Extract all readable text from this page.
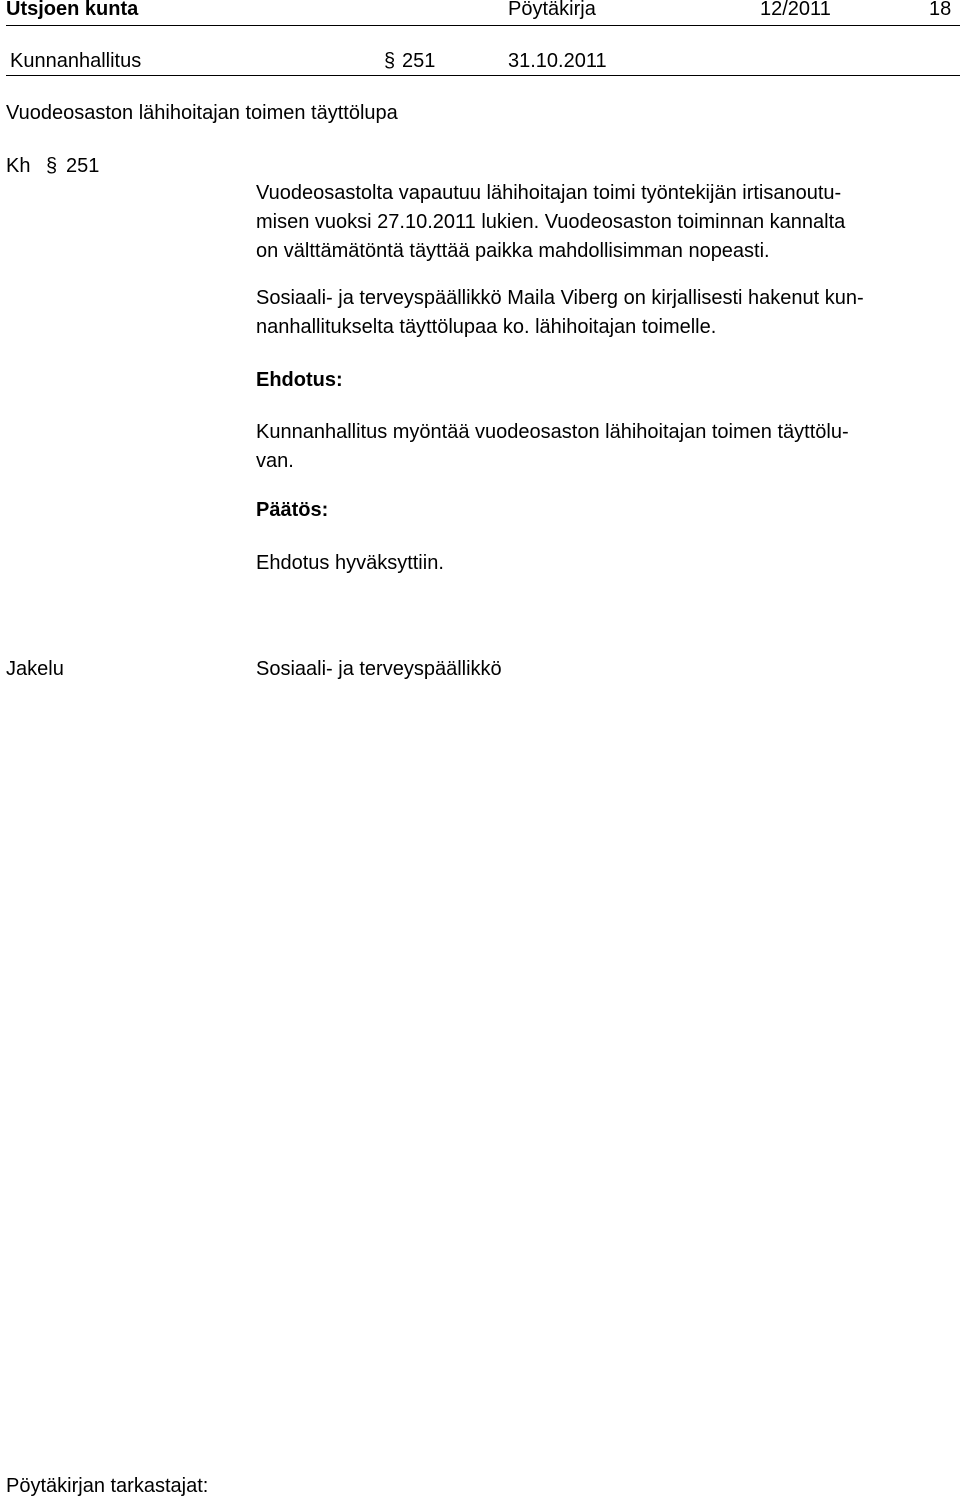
Utsjoen kunta	Pöytäkirja	12/2011	18
Kunnanhallitus	§ 251	31.10.2011
Vuodeosaston lähihoitajan toimen täyttölupa
Kh § 251
Vuodeosastolta vapautuu lähihoitajan toimi työntekijän irtisanoutu-
misen vuoksi 27.10.2011 lukien. Vuodeosaston toiminnan kannalta
on välttämätöntä täyttää paikka mahdollisimman nopeasti.
Sosiaali- ja terveyspäällikkö Maila Viberg on kirjallisesti hakenut kun-
nanhallitukselta täyttölupaa ko. lähihoitajan toimelle.
Ehdotus:
Kunnanhallitus myöntää vuodeosaston lähihoitajan toimen täyttölu-
van.
Päätös:
Ehdotus hyväksyttiin.
Jakelu	Sosiaali- ja terveyspäällikkö
Pöytäkirjan tarkastajat:
